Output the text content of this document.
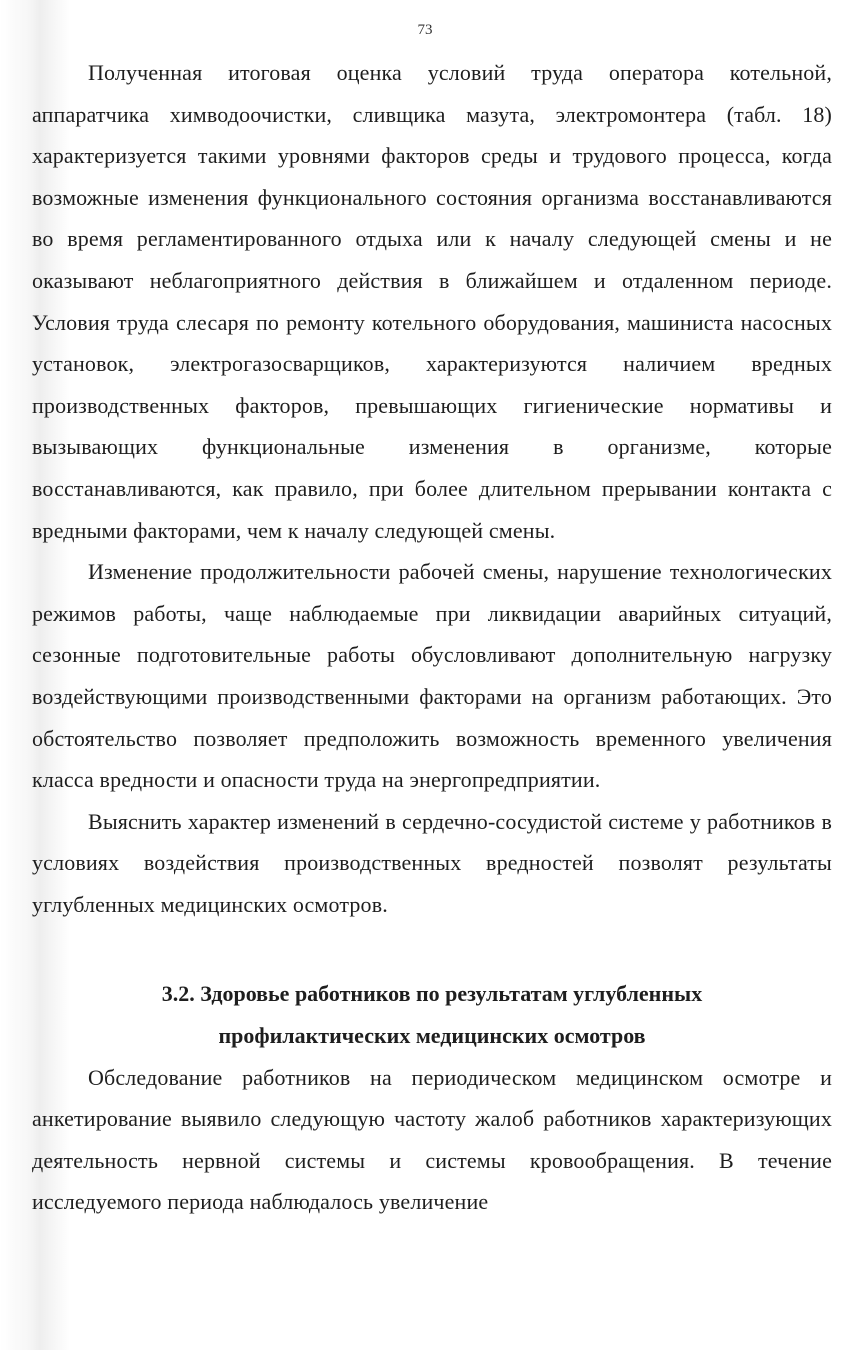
73

Полученная итоговая оценка условий труда оператора котельной, аппаратчика химводоочистки, сливщика мазута, электромонтера (табл. 18) характеризуется такими уровнями факторов среды и трудового процесса, когда возможные изменения функционального состояния организма восстанавливаются во время регламентированного отдыха или к началу следующей смены и не оказывают неблагоприятного действия в ближайшем и отдаленном периоде. Условия труда слесаря по ремонту котельного оборудования, машиниста насосных установок, электрогазосварщиков, характеризуются наличием вредных производственных факторов, превышающих гигиенические нормативы и вызывающих функциональные изменения в организме, которые восстанавливаются, как правило, при более длительном прерывании контакта с вредными факторами, чем к началу следующей смены.

Изменение продолжительности рабочей смены, нарушение технологических режимов работы, чаще наблюдаемые при ликвидации аварийных ситуаций, сезонные подготовительные работы обусловливают дополнительную нагрузку воздействующими производственными факторами на организм работающих. Это обстоятельство позволяет предположить возможность временного увеличения класса вредности и опасности труда на энергопредприятии.

Выяснить характер изменений в сердечно-сосудистой системе у работников в условиях воздействия производственных вредностей позволят результаты углубленных медицинских осмотров.

3.2. Здоровье работников по результатам углубленных
профилактических медицинских осмотров

Обследование работников на периодическом медицинском осмотре и анкетирование выявило следующую частоту жалоб работников характеризующих деятельность нервной системы и системы кровообращения. В течение исследуемого периода наблюдалось увеличение
